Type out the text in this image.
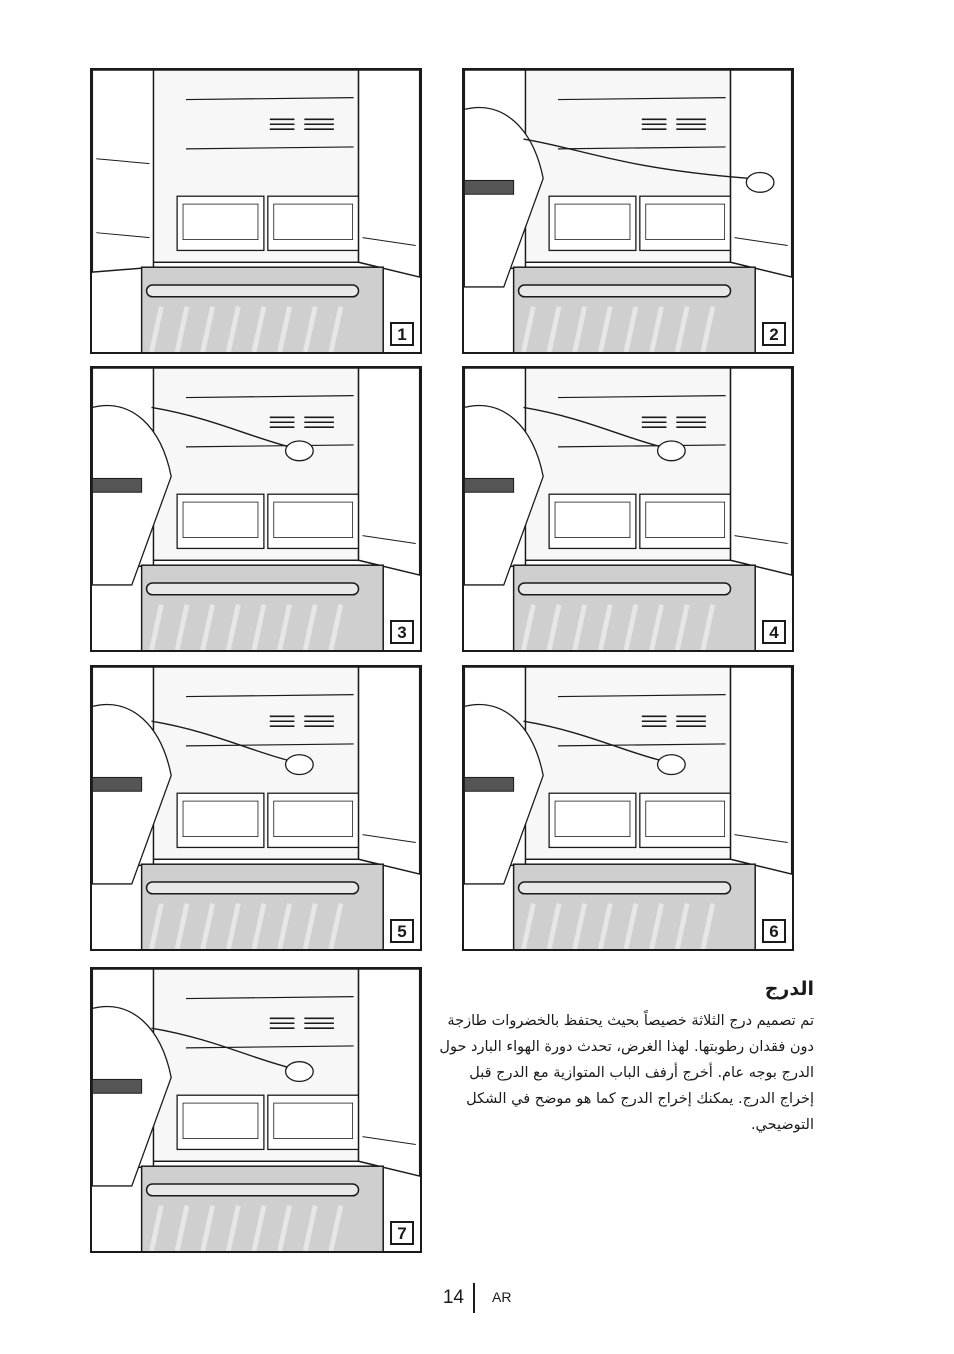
1	2
3	4
5	6
7
الدرج

تم تصميم درج الثلاثة خصيصاً بحيث يحتفظ بالخضروات طازجة دون فقدان رطوبتها. لهذا الغرض، تحدث دورة الهواء البارد حول الدرج بوجه عام. أخرج أرفف الباب المتوازية مع الدرج قبل إخراج الدرج. يمكنك إخراج الدرج كما هو موضح في الشكل التوضيحي.

14 AR
